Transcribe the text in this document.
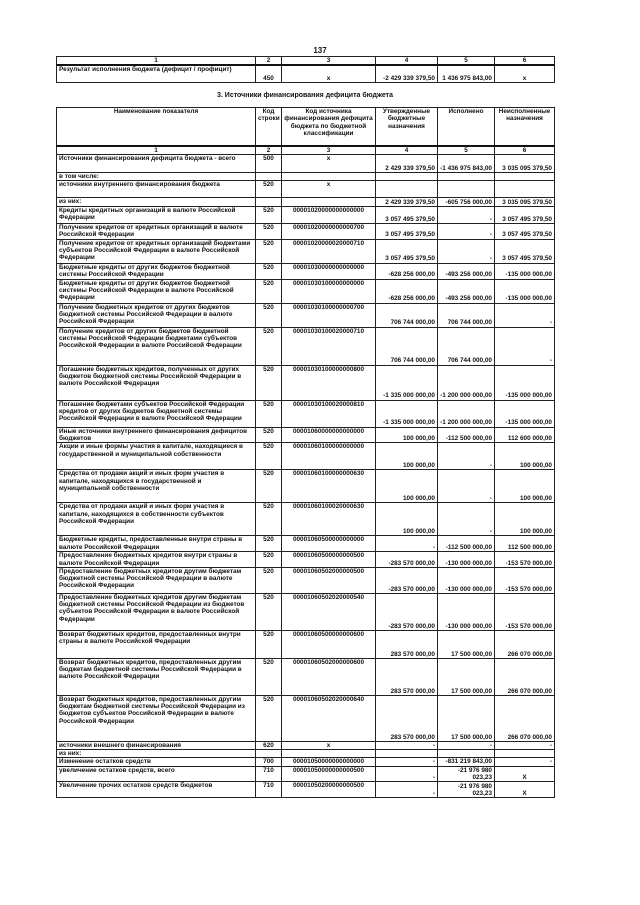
137
1	2	3	4	5	6
Результат исполнения бюджета (дефицит / профицит)	450	x	-2 429 339 379,50	1 436 975 843,00	x
3. Источники финансирования дефицита бюджета
Наименование показателя	Код строки	Код источника финансирования дефицита бюджета по бюджетной классификации	Утвержденные бюджетные назначения	Исполнено	Неисполненные назначения
1	2	3	4	5	6
Источники финансирования дефицита бюджета - всего	500	x	2 429 339 379,50	-1 436 975 843,00	3 035 095 379,50
в том числе:					
источники внутреннего финансирования бюджета	520	x			
из них:			2 429 339 379,50	-605 756 000,00	3 035 095 379,50
Кредиты кредитных организаций в валюте Российской Федерации	520	00001020000000000000	3 057 495 379,50	-	3 057 495 379,50
Получение кредитов от кредитных организаций в валюте Российской Федерации	520	00001020000000000700	3 057 495 379,50	-	3 057 495 379,50
Получение кредитов от кредитных организаций бюджетами субъектов Российской Федерации в валюте Российской Федерации	520	00001020000020000710	3 057 495 379,50	-	3 057 495 379,50
Бюджетные кредиты от других бюджетов бюджетной системы Российской Федерации	520	00001030000000000000	-628 256 000,00	-493 256 000,00	-135 000 000,00
Бюджетные кредиты от других бюджетов бюджетной системы Российской Федерации в валюте Российской Федерации	520	00001030100000000000	-628 256 000,00	-493 256 000,00	-135 000 000,00
Получение бюджетных кредитов от других бюджетов бюджетной системы Российской Федерации в валюте Российской Федерации	520	00001030100000000700	706 744 000,00	706 744 000,00	-
Получение кредитов от других бюджетов бюджетной системы Российской Федерации бюджетами субъектов Российской Федерации в валюте Российской Федерации	520	00001030100020000710	706 744 000,00	706 744 000,00	-
Погашение бюджетных кредитов, полученных от других бюджетов бюджетной системы Российской Федерации в валюте Российской Федерации	520	00001030100000000800	-1 335 000 000,00	-1 200 000 000,00	-135 000 000,00
Погашение бюджетами субъектов Российской Федерации кредитов от других бюджетов бюджетной системы Российской Федерации в валюте Российской Федерации	520	00001030100020000810	-1 335 000 000,00	-1 200 000 000,00	-135 000 000,00
Иные источники внутреннего финансирования дефицитов бюджетов	520	00001060000000000000	100 000,00	-112 500 000,00	112 600 000,00
Акции и иные формы участия в капитале, находящиеся в государственной и муниципальной собственности	520	00001060100000000000	100 000,00	-	100 000,00
Средства от продажи акций и иных форм участия в капитале, находящихся в государственной и муниципальной собственности	520	00001060100000000630	100 000,00	-	100 000,00
Средства от продажи акций и иных форм участия в капитале, находящихся в собственности субъектов Российской Федерации	520	00001060100020000630	100 000,00	-	100 000,00
Бюджетные кредиты, предоставленные внутри страны в валюте Российской Федерации	520	00001060500000000000	-	-112 500 000,00	112 500 000,00
Предоставление бюджетных кредитов внутри страны в валюте Российской Федерации	520	00001060500000000500	-283 570 000,00	-130 000 000,00	-153 570 000,00
Предоставление бюджетных кредитов другим бюджетам бюджетной системы Российской Федерации в валюте Российской Федерации	520	00001060502000000500	-283 570 000,00	-130 000 000,00	-153 570 000,00
Предоставление бюджетных кредитов другим бюджетам бюджетной системы Российской Федерации из бюджетов субъектов Российской Федерации в валюте Российской Федерации	520	00001060502020000540	-283 570 000,00	-130 000 000,00	-153 570 000,00
Возврат бюджетных кредитов, предоставленных внутри страны в валюте Российской Федерации	520	00001060500000000600	283 570 000,00	17 500 000,00	266 070 000,00
Возврат бюджетных кредитов, предоставленных другим бюджетам бюджетной системы Российской Федерации в валюте Российской Федерации	520	00001060502000000600	283 570 000,00	17 500 000,00	266 070 000,00
Возврат бюджетных кредитов, предоставленных другим бюджетам бюджетной системы Российской Федерации из бюджетов субъектов Российской Федерации в валюте Российской Федерации	520	00001060502020000640	283 570 000,00	17 500 000,00	266 070 000,00
источники внешнего финансирования	620	x	-	-	-
из них:					
Изменение остатков средств	700	00001050000000000000	-	-831 219 843,00	-
увеличение остатков средств, всего	710	00001050000000000500	-	-21 976 980 023,23	X
Увеличение прочих остатков средств бюджетов	710	00001050200000000500	-	-21 976 980 023,23	X
